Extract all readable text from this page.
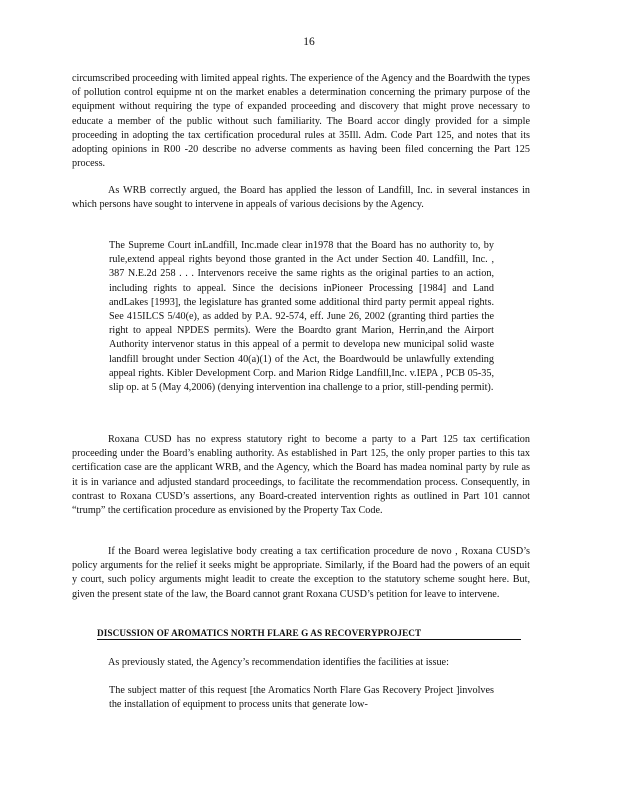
16

circumscribed proceeding with limited appeal rights. The experience of the Agency and the Boardwith the types of pollution control equipme nt on the market enables a determination concerning the primary purpose of the equipment without requiring the type of expanded proceeding and discovery that might prove necessary to educate a member of the public without such familiarity. The Board accor dingly provided for a simple proceeding in adopting the tax certification procedural rules at 35Ill. Adm. Code Part 125, and notes that its adopting opinions in R00 -20 describe no adverse comments as having been filed concerning the Part 125 process.

As WRB correctly argued, the Board has applied the lesson of Landfill, Inc. in several instances in which persons have sought to intervene in appeals of various decisions by the Agency.

The Supreme Court inLandfill, Inc.made clear in1978 that the Board has no authority to, by rule,extend appeal rights beyond those granted in the Act under Section 40. Landfill, Inc. , 387 N.E.2d 258 . . . Intervenors receive the same rights as the original parties to an action, including rights to appeal. Since the decisions inPioneer Processing [1984] and Land andLakes [1993], the legislature has granted some additional third party permit appeal rights. See 415ILCS 5/40(e), as added by P.A. 92-574, eff. June 26, 2002 (granting third parties the right to appeal NPDES permits). Were the Boardto grant Marion, Herrin,and the Airport Authority intervenor status in this appeal of a permit to developa new municipal solid waste landfill brought under Section 40(a)(1) of the Act, the Boardwould be unlawfully extending appeal rights. Kibler Development Corp. and Marion Ridge Landfill,Inc. v.IEPA , PCB 05-35, slip op. at 5 (May 4,2006) (denying intervention ina challenge to a prior, still-pending permit).

Roxana CUSD has no express statutory right to become a party to a Part 125 tax certification proceeding under the Board’s enabling authority. As established in Part 125, the only proper parties to this tax certification case are the applicant WRB, and the Agency, which the Board has madea nominal party by rule as it is in variance and adjusted standard proceedings, to facilitate the recommendation process. Consequently, in contrast to Roxana CUSD’s assertions, any Board-created intervention rights as outlined in Part 101 cannot “trump” the certification procedure as envisioned by the Property Tax Code.

If the Board werea legislative body creating a tax certification procedure de novo , Roxana CUSD’s policy arguments for the relief it seeks might be appropriate. Similarly, if the Board had the powers of an equit y court, such policy arguments might leadit to create the exception to the statutory scheme sought here. But, given the present state of the law, the Board cannot grant Roxana CUSD’s petition for leave to intervene.

DISCUSSION OF AROMATICS NORTH FLARE G AS RECOVERYPROJECT

As previously stated, the Agency’s recommendation identifies the facilities at issue:

The subject matter of this request [the Aromatics North Flare Gas Recovery Project ]involves the installation of equipment to process units that generate low-
